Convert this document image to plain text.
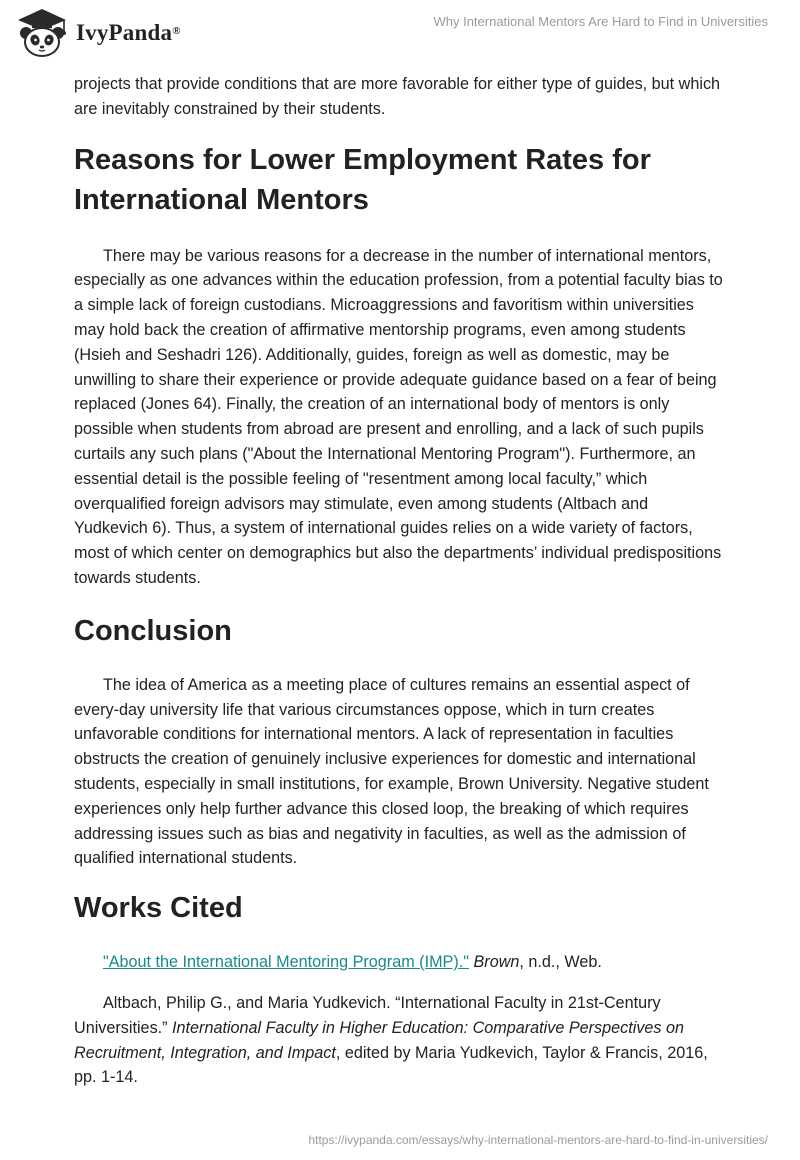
IvyPanda®
Why International Mentors Are Hard to Find in Universities

projects that provide conditions that are more favorable for either type of guides, but which are inevitably constrained by their students.

Reasons for Lower Employment Rates for International Mentors

There may be various reasons for a decrease in the number of international mentors, especially as one advances within the education profession, from a potential faculty bias to a simple lack of foreign custodians. Microaggressions and favoritism within universities may hold back the creation of affirmative mentorship programs, even among students (Hsieh and Seshadri 126). Additionally, guides, foreign as well as domestic, may be unwilling to share their experience or provide adequate guidance based on a fear of being replaced (Jones 64). Finally, the creation of an international body of mentors is only possible when students from abroad are present and enrolling, and a lack of such pupils curtails any such plans ("About the International Mentoring Program"). Furthermore, an essential detail is the possible feeling of "resentment among local faculty,” which overqualified foreign advisors may stimulate, even among students (Altbach and Yudkevich 6). Thus, a system of international guides relies on a wide variety of factors, most of which center on demographics but also the departments’ individual predispositions towards students.

Conclusion

The idea of America as a meeting place of cultures remains an essential aspect of every-day university life that various circumstances oppose, which in turn creates unfavorable conditions for international mentors. A lack of representation in faculties obstructs the creation of genuinely inclusive experiences for domestic and international students, especially in small institutions, for example, Brown University. Negative student experiences only help further advance this closed loop, the breaking of which requires addressing issues such as bias and negativity in faculties, as well as the admission of qualified international students.

Works Cited

"About the International Mentoring Program (IMP)." Brown, n.d., Web.

Altbach, Philip G., and Maria Yudkevich. “International Faculty in 21st-Century Universities.” International Faculty in Higher Education: Comparative Perspectives on Recruitment, Integration, and Impact, edited by Maria Yudkevich, Taylor & Francis, 2016, pp. 1-14.

https://ivypanda.com/essays/why-international-mentors-are-hard-to-find-in-universities/
